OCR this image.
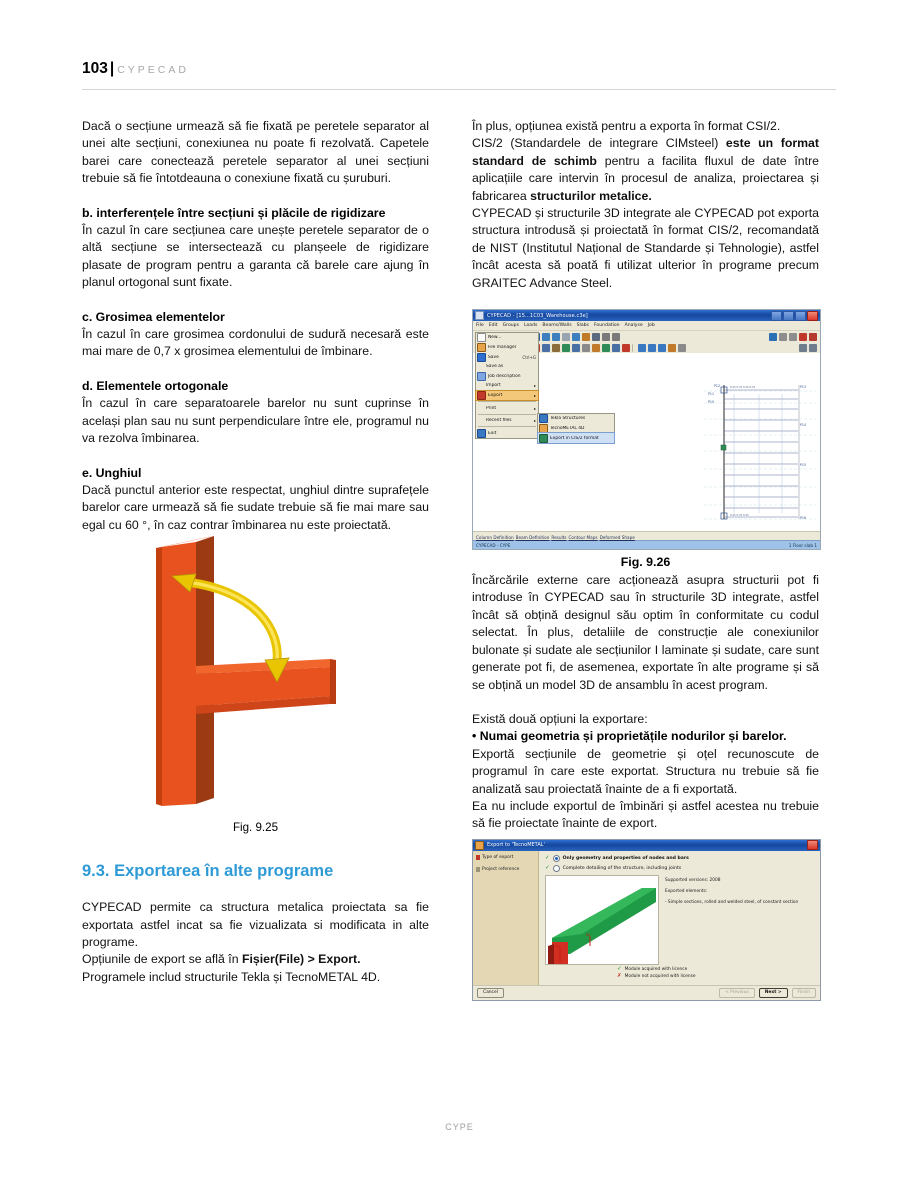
103 | CYPECAD

Dacă o secțiune urmează să fie fixată pe peretele separator al unei alte secțiuni, conexiunea nu poate fi rezolvată. Capetele barei care conectează peretele separator al unei secțiuni trebuie să fie întotdeauna o conexiune fixată cu șuruburi.

b. interferențele între secțiuni și plăcile de rigidizare

În cazul în care secțiunea care unește peretele separator de o altă secțiune se intersectează cu planșeele de rigidizare plasate de program pentru a garanta că barele care ajung în planul ortogonal sunt fixate.

c. Grosimea elementelor

În cazul în care grosimea cordonului de sudură necesară este mai mare de 0,7 x grosimea elementului de îmbinare.

d. Elementele ortogonale

În cazul în care separatoarele barelor nu sunt cuprinse în același plan sau nu sunt perpendiculare între ele, programul nu va rezolva îmbinarea.

e. Unghiul

Dacă punctul anterior este respectat, unghiul dintre suprafețele barelor care urmează să fie sudate trebuie să fie mai mare sau egal cu 60 °, în caz contrar îmbinarea nu este proiectată.

Fig. 9.25

9.3. Exportarea în alte programe

CYPECAD permite ca structura metalica proiectata sa fie exportata astfel incat sa fie vizualizata si modificata in alte programe.

Opțiunile de export se află în Fișier(File) > Export.

Programele includ structurile Tekla și TecnoMETAL 4D.

În plus, opțiunea există pentru a exporta în format CSI/2.

CIS/2 (Standardele de integrare CIMsteel) este un format standard de schimb pentru a facilita fluxul de date între aplicațiile care intervin în procesul de analiza, proiectarea și fabricarea structurilor metalice.

CYPECAD și structurile 3D integrate ale CYPECAD pot exporta structura introdusă și proiectată în format CIS/2, recomandată de NIST (Institutul Național de Standarde și Tehnologie), astfel încât acesta să poată fi utilizat ulterior în programe precum GRAITEC Advance Steel.

CYPECAD - [15...1C03_Warehouse.c3e]
File Edit Groups Loads Beams/Walls Slabs Foundation Analyse Job
New...
File manager
Save	Ctrl+G
Save as
Job description
Import	▸
Export	▸
Print	▸
Recent files	▸
Exit
Tekla Structures
TecnoMETAL 4D
Export in CIS/2 format
P13
P12
P11
P10
P14
P15
P16
H-25 H-25 H-25 H-25
H-25 H-25 H-25
Column Definition Beam Definition Results Contour Maps Deformed Shape
CYPECAD - CYPE	1 Floor slab 1
Fig. 9.26

Încărcările externe care acționează asupra structurii pot fi introduse în CYPECAD sau în structurile 3D integrate, astfel încât să obțină designul său optim în conformitate cu codul selectat. În plus, detaliile de construcție ale conexiunilor bulonate și sudate ale secțiunilor I laminate și sudate, care sunt generate pot fi, de asemenea, exportate în alte programe și să se obțină un model 3D de ansamblu în acest program.

Există două opțiuni la exportare:

• Numai geometria și proprietățile nodurilor și barelor.

Exportă secțiunile de geometrie și oțel recunoscute de programul în care este exportat. Structura nu trebuie să fie analizată sau proiectată înainte de a fi exportată.

Ea nu include exportul de îmbinări și astfel acestea nu trebuie să fie proiectate înainte de export.

Export to 'TecnoMETAL'
Type of export
Project reference
✓	Only geometry and properties of nodes and bars
✓	Complete detailing of the structure, including joints
N1
N2
Supported versions: 2008
Exported elements:
- Simple sections, rolled and welded steel, of constant section
✓ Module acquired with licence
✗ Module not acquired with license
Cancel	< Previous	Next >	Finish
CYPE
